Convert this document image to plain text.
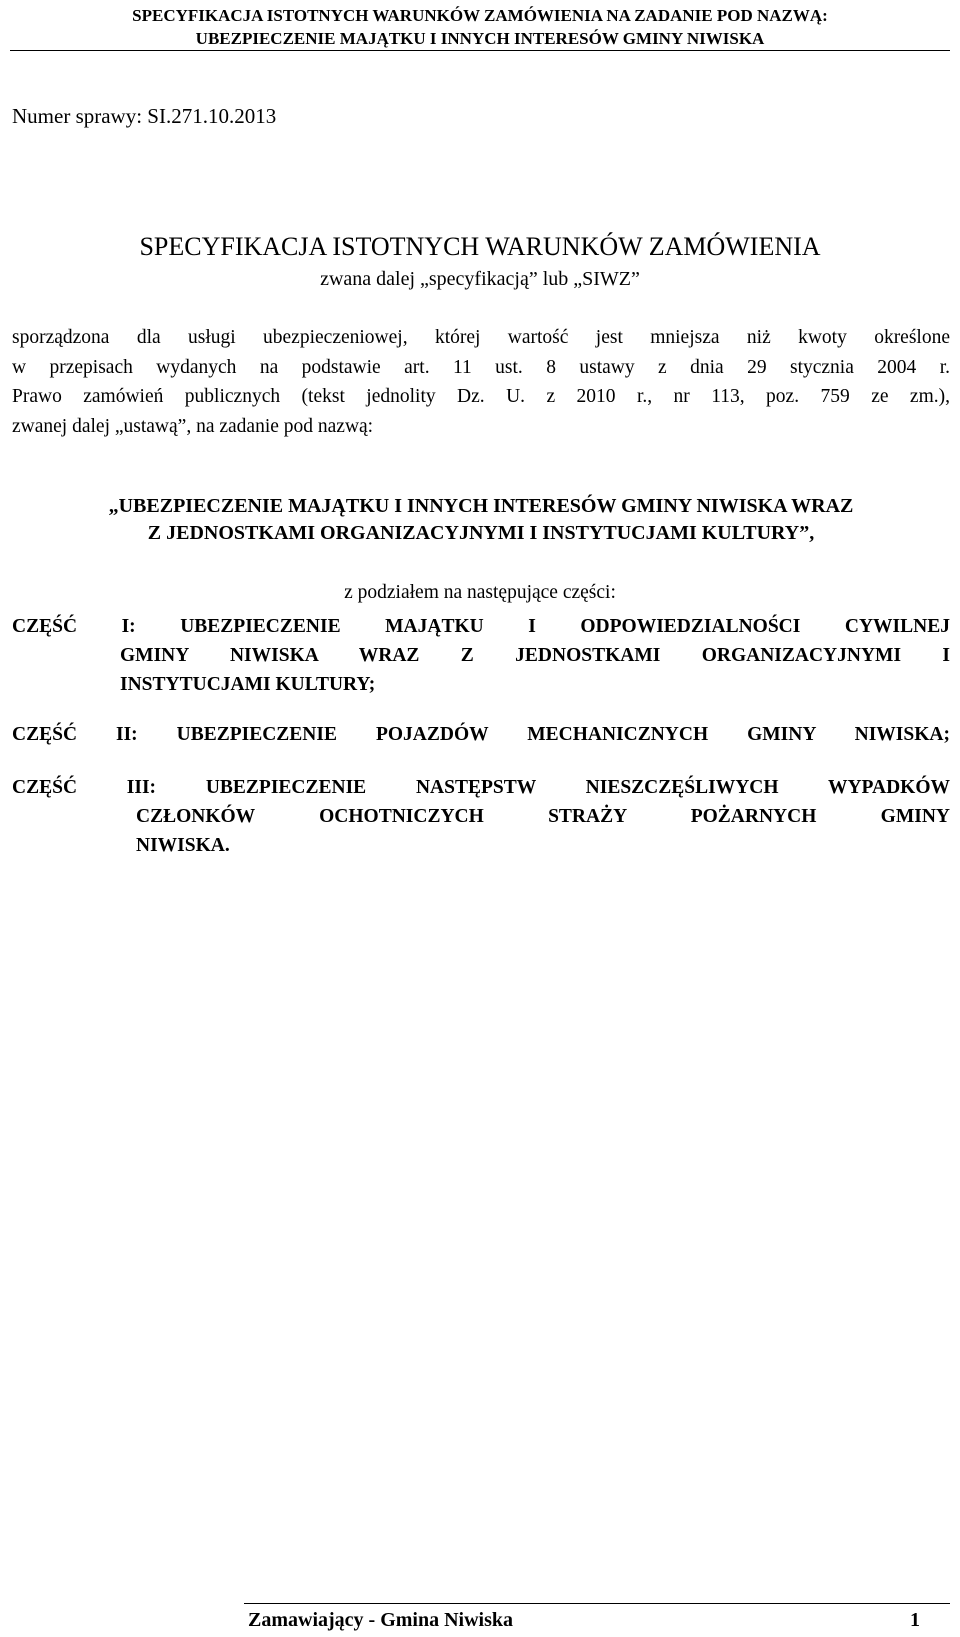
SPECYFIKACJA ISTOTNYCH WARUNKÓW ZAMÓWIENIA NA ZADANIE POD NAZWĄ:
UBEZPIECZENIE MAJĄTKU I INNYCH INTERESÓW GMINY NIWISKA
Numer sprawy: SI.271.10.2013
SPECYFIKACJA ISTOTNYCH WARUNKÓW ZAMÓWIENIA
zwana dalej „specyfikacją” lub „SIWZ”
sporządzona dla usługi ubezpieczeniowej, której wartość jest mniejsza niż kwoty określone
w przepisach wydanych na podstawie art. 11 ust. 8 ustawy z dnia 29 stycznia 2004 r.
Prawo zamówień publicznych (tekst jednolity Dz. U. z 2010 r., nr 113, poz. 759 ze zm.),
zwanej dalej „ustawą”, na zadanie pod nazwą:
„UBEZPIECZENIE MAJĄTKU I INNYCH INTERESÓW GMINY NIWISKA WRAZ
Z JEDNOSTKAMI ORGANIZACYJNYMI I INSTYTUCJAMI KULTURY”,
z podziałem na następujące części:
CZĘŚĆ I: UBEZPIECZENIE MAJĄTKU I ODPOWIEDZIALNOŚCI CYWILNEJ
GMINY NIWISKA WRAZ Z JEDNOSTKAMI ORGANIZACYJNYMI I
INSTYTUCJAMI KULTURY;
CZĘŚĆ II: UBEZPIECZENIE POJAZDÓW MECHANICZNYCH GMINY NIWISKA;
CZĘŚĆ III:	UBEZPIECZENIE NASTĘPSTW NIESZCZĘŚLIWYCH WYPADKÓW
CZŁONKÓW OCHOTNICZYCH STRAŻY POŻARNYCH GMINY
NIWISKA.
Zamawiający - Gmina Niwiska	1
